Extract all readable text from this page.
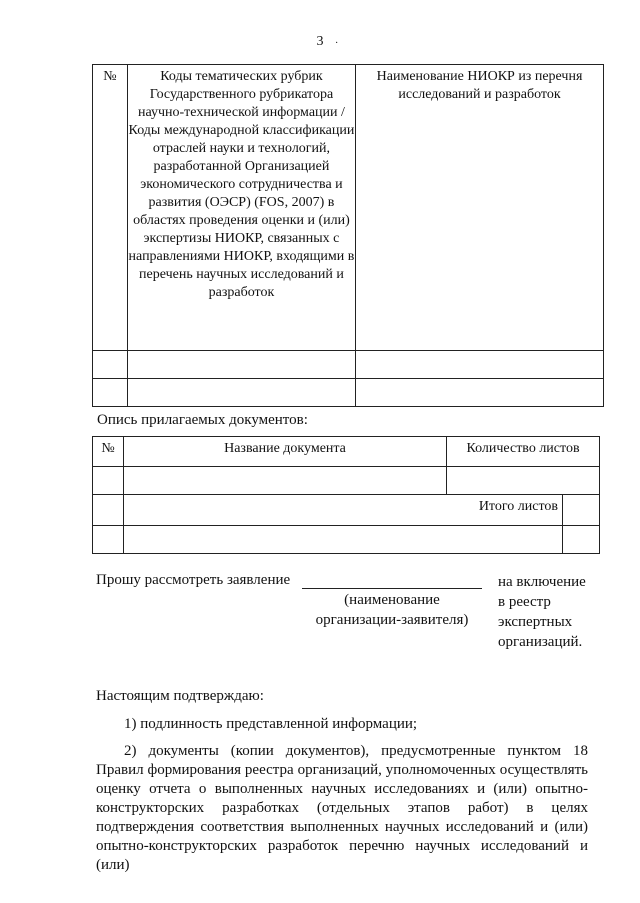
3	·
№	Коды тематических рубрик Государственного рубрикатора научно-технической информации / Коды международной классификации отраслей науки и технологий, разработанной Организацией экономического сотрудничества и развития (ОЭСР) (FOS, 2007) в областях проведения оценки и (или) экспертизы НИОКР, связанных с направлениями НИОКР, входящими в перечень научных исследований и разработок	Наименование НИОКР из перечня исследований и разработок

Опись прилагаемых документов:
№	Название документа	Количество листов	

	Итого листов		

Прошу рассмотреть заявление
(наименование организации-заявителя)
на включение в реестр экспертных организаций.
Настоящим подтверждаю:
1) подлинность представленной информации;
2) документы (копии документов), предусмотренные пунктом 18 Правил формирования реестра организаций, уполномоченных осуществлять оценку отчета о выполненных научных исследованиях и (или) опытно-конструкторских разработках (отдельных этапов работ) в целях подтверждения соответствия выполненных научных исследований и (или) опытно-конструкторских разработок перечню научных исследований и (или)
